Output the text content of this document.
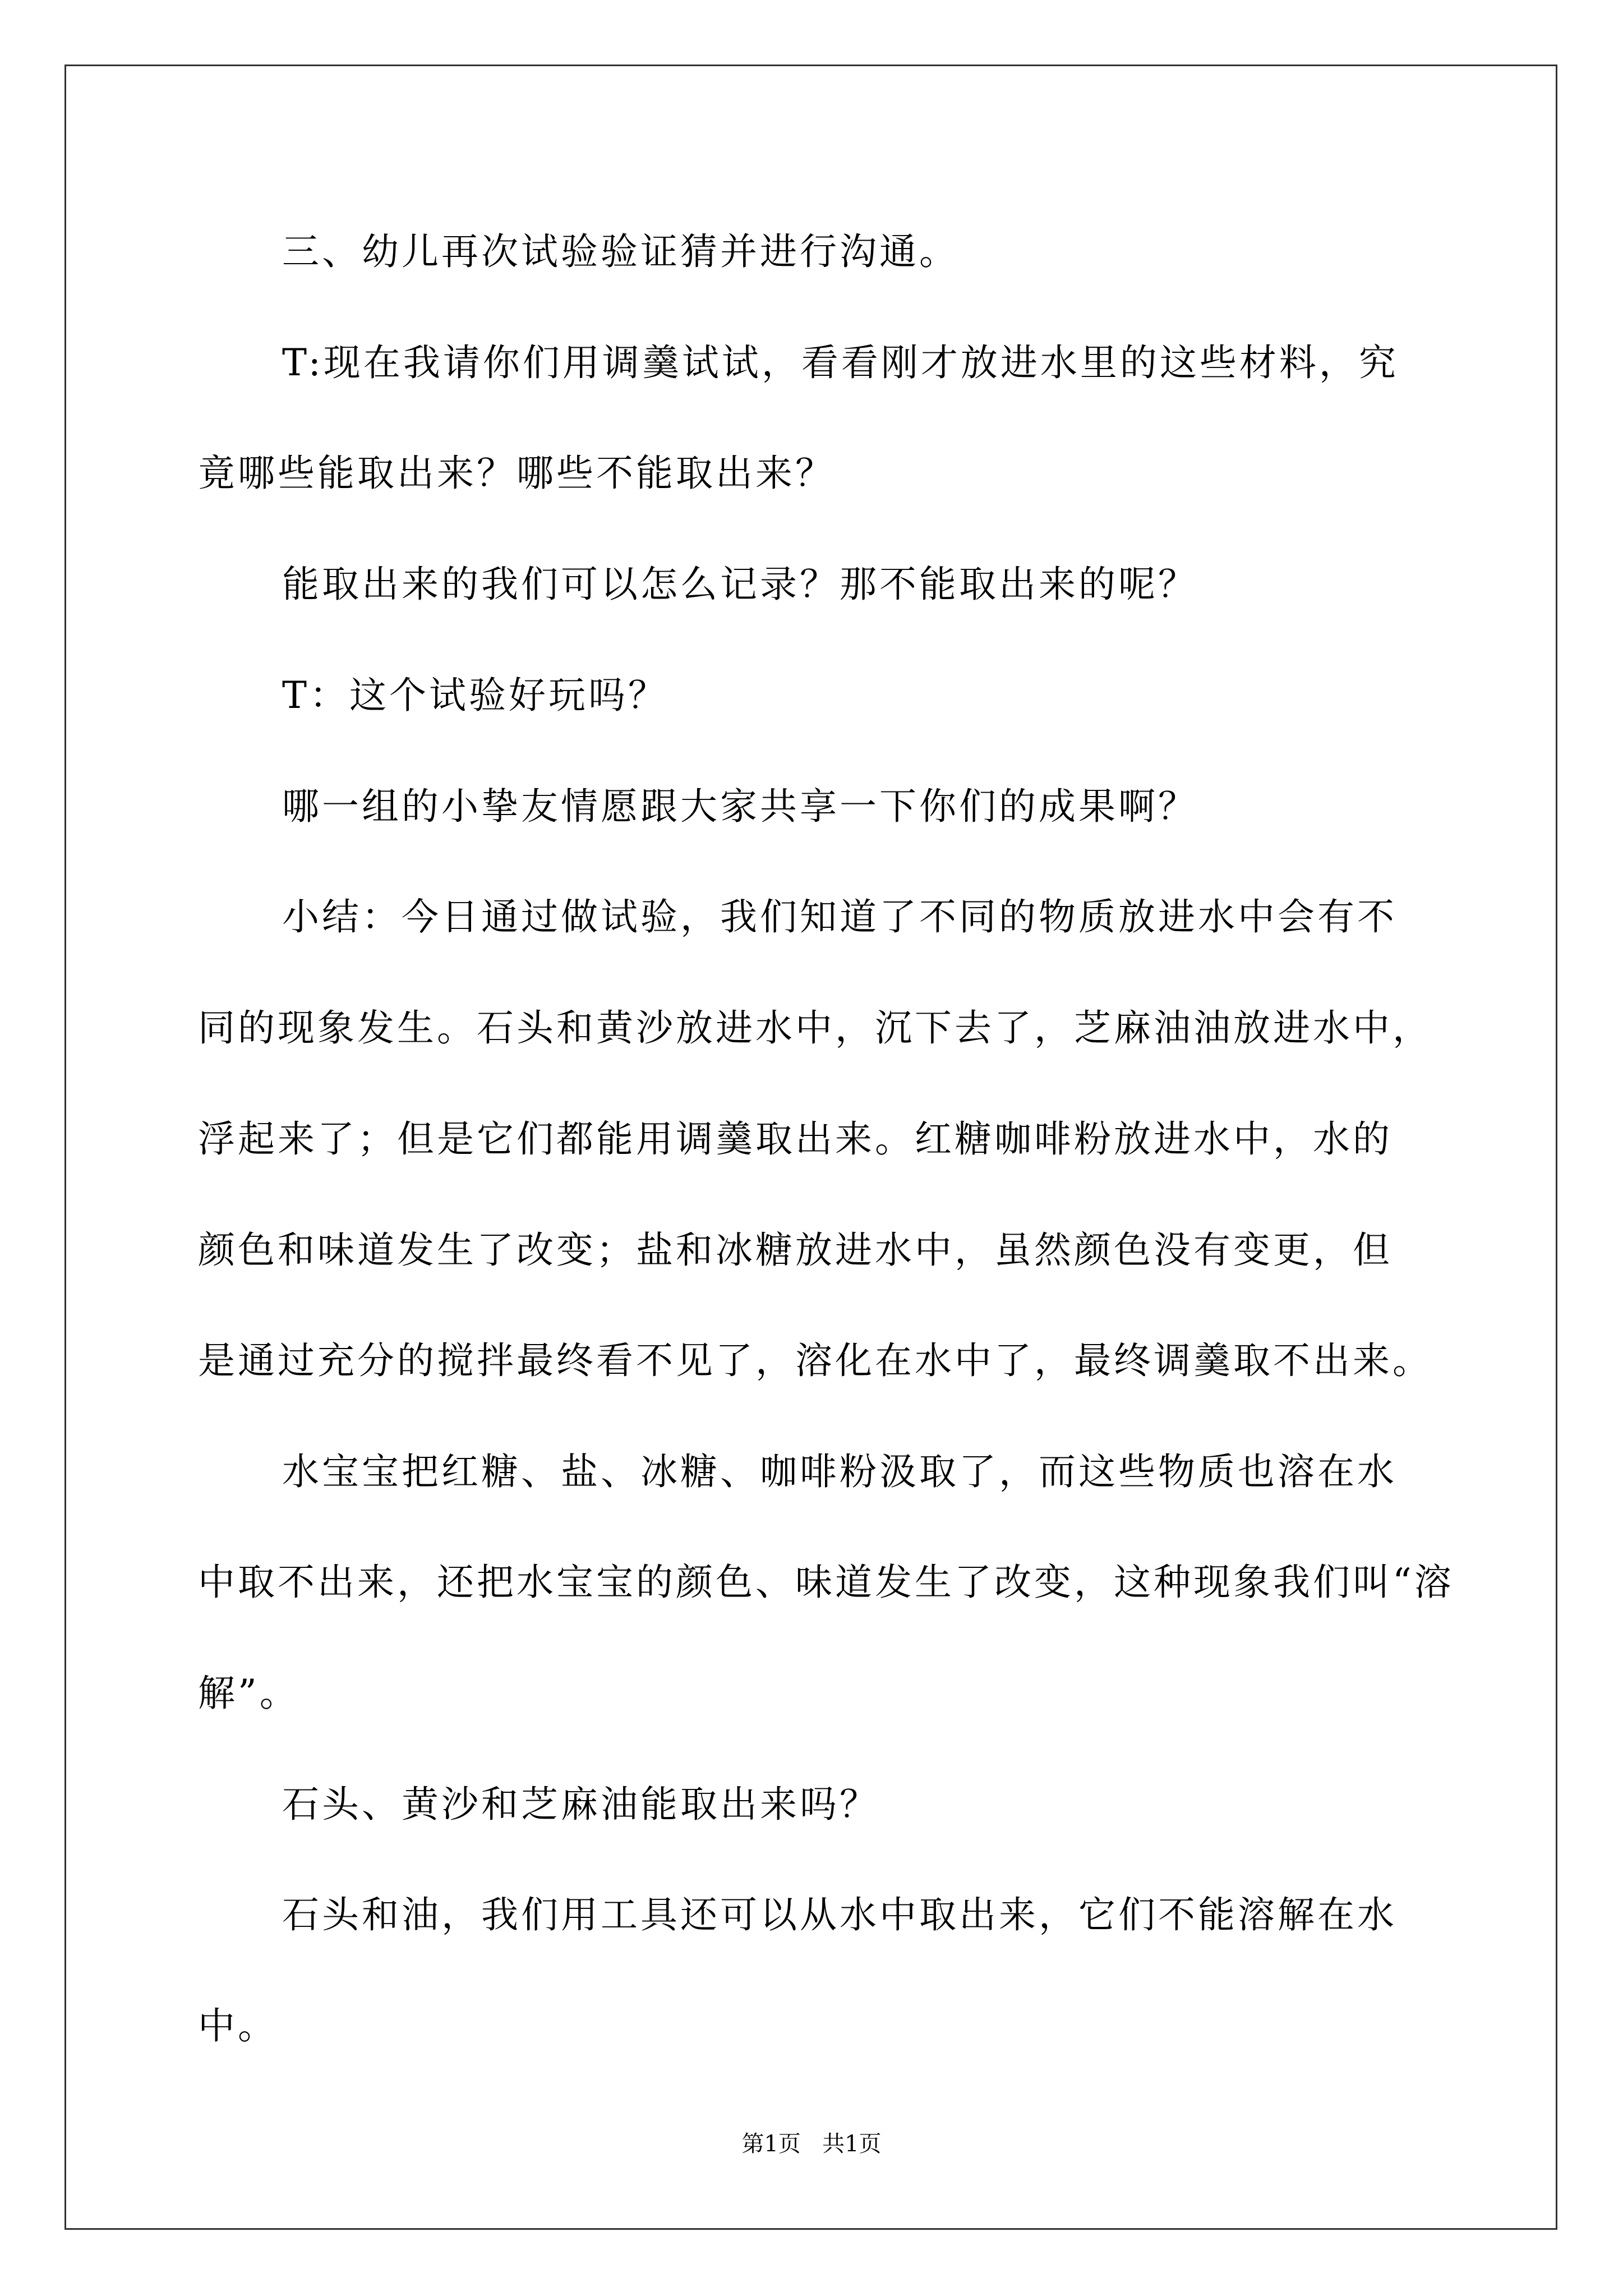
三、幼儿再次试验验证猜并进行沟通。
T:现在我请你们用调羹试试，看看刚才放进水里的这些材料，究
竟哪些能取出来？哪些不能取出来？
能取出来的我们可以怎么记录？那不能取出来的呢？
T：这个试验好玩吗？
哪一组的小挚友情愿跟大家共享一下你们的成果啊？
小结：今日通过做试验，我们知道了不同的物质放进水中会有不
同的现象发生。石头和黄沙放进水中，沉下去了，芝麻油油放进水中，
浮起来了；但是它们都能用调羹取出来。红糖咖啡粉放进水中，水的
颜色和味道发生了改变；盐和冰糖放进水中，虽然颜色没有变更，但
是通过充分的搅拌最终看不见了，溶化在水中了，最终调羹取不出来。
水宝宝把红糖、盐、冰糖、咖啡粉汲取了，而这些物质也溶在水
中取不出来，还把水宝宝的颜色、味道发生了改变，这种现象我们叫“溶
解”。
石头、黄沙和芝麻油能取出来吗？
石头和油，我们用工具还可以从水中取出来，它们不能溶解在水
中。
第1页 共1页
